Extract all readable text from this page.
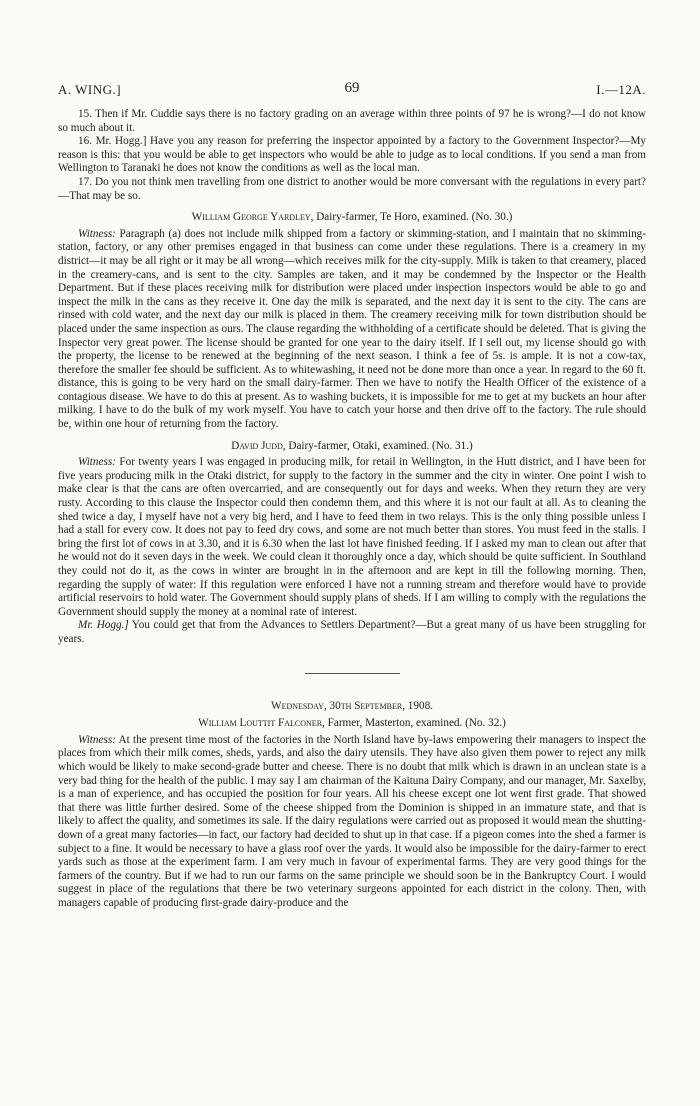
A. WING.]	69	I.—12A.

15. Then if Mr. Cuddie says there is no factory grading on an average within three points of 97 he is wrong?—I do not know so much about it.

16. Mr. Hogg.] Have you any reason for preferring the inspector appointed by a factory to the Government Inspector?—My reason is this: that you would be able to get inspectors who would be able to judge as to local conditions. If you send a man from Wellington to Taranaki he does not know the conditions as well as the local man.

17. Do you not think men travelling from one district to another would be more conversant with the regulations in every part?—That may be so.

William George Yardley, Dairy-farmer, Te Horo, examined. (No. 30.)

Witness: Paragraph (a) does not include milk shipped from a factory or skimming-station, and I maintain that no skimming-station, factory, or any other premises engaged in that business can come under these regulations. There is a creamery in my district—it may be all right or it may be all wrong—which receives milk for the city-supply. Milk is taken to that creamery, placed in the creamery-cans, and is sent to the city. Samples are taken, and it may be condemned by the Inspector or the Health Department. But if these places receiving milk for distribution were placed under inspection inspectors would be able to go and inspect the milk in the cans as they receive it. One day the milk is separated, and the next day it is sent to the city. The cans are rinsed with cold water, and the next day our milk is placed in them. The creamery receiving milk for town distribution should be placed under the same inspection as ours. The clause regarding the withholding of a certificate should be deleted. That is giving the Inspector very great power. The license should be granted for one year to the dairy itself. If I sell out, my license should go with the property, the license to be renewed at the beginning of the next season. I think a fee of 5s. is ample. It is not a cow-tax, therefore the smaller fee should be sufficient. As to whitewashing, it need not be done more than once a year. In regard to the 60 ft. distance, this is going to be very hard on the small dairy-farmer. Then we have to notify the Health Officer of the existence of a contagious disease. We have to do this at present. As to washing buckets, it is impossible for me to get at my buckets an hour after milking. I have to do the bulk of my work myself. You have to catch your horse and then drive off to the factory. The rule should be, within one hour of returning from the factory.

David Judd, Dairy-farmer, Otaki, examined. (No. 31.)

Witness: For twenty years I was engaged in producing milk, for retail in Wellington, in the Hutt district, and I have been for five years producing milk in the Otaki district, for supply to the factory in the summer and the city in winter. One point I wish to make clear is that the cans are often overcarried, and are consequently out for days and weeks. When they return they are very rusty. According to this clause the Inspector could then condemn them, and this where it is not our fault at all. As to cleaning the shed twice a day, I myself have not a very big herd, and I have to feed them in two relays. This is the only thing possible unless I had a stall for every cow. It does not pay to feed dry cows, and some are not much better than stores. You must feed in the stalls. I bring the first lot of cows in at 3.30, and it is 6.30 when the last lot have finished feeding. If I asked my man to clean out after that he would not do it seven days in the week. We could clean it thoroughly once a day, which should be quite sufficient. In Southland they could not do it, as the cows in winter are brought in in the afternoon and are kept in till the following morning. Then, regarding the supply of water: If this regulation were enforced I have not a running stream and therefore would have to provide artificial reservoirs to hold water. The Government should supply plans of sheds. If I am willing to comply with the regulations the Government should supply the money at a nominal rate of interest.

Mr. Hogg.] You could get that from the Advances to Settlers Department?—But a great many of us have been struggling for years.

Wednesday, 30th September, 1908.
William Louttit Falconer, Farmer, Masterton, examined. (No. 32.)

Witness: At the present time most of the factories in the North Island have by-laws empowering their managers to inspect the places from which their milk comes, sheds, yards, and also the dairy utensils. They have also given them power to reject any milk which would be likely to make second-grade butter and cheese. There is no doubt that milk which is drawn in an unclean state is a very bad thing for the health of the public. I may say I am chairman of the Kaituna Dairy Company, and our manager, Mr. Saxelby, is a man of experience, and has occupied the position for four years. All his cheese except one lot went first grade. That showed that there was little further desired. Some of the cheese shipped from the Dominion is shipped in an immature state, and that is likely to affect the quality, and sometimes its sale. If the dairy regulations were carried out as proposed it would mean the shutting-down of a great many factories—in fact, our factory had decided to shut up in that case. If a pigeon comes into the shed a farmer is subject to a fine. It would be necessary to have a glass roof over the yards. It would also be impossible for the dairy-farmer to erect yards such as those at the experiment farm. I am very much in favour of experimental farms. They are very good things for the farmers of the country. But if we had to run our farms on the same principle we should soon be in the Bankruptcy Court. I would suggest in place of the regulations that there be two veterinary surgeons appointed for each district in the colony. Then, with managers capable of producing first-grade dairy-produce and the
